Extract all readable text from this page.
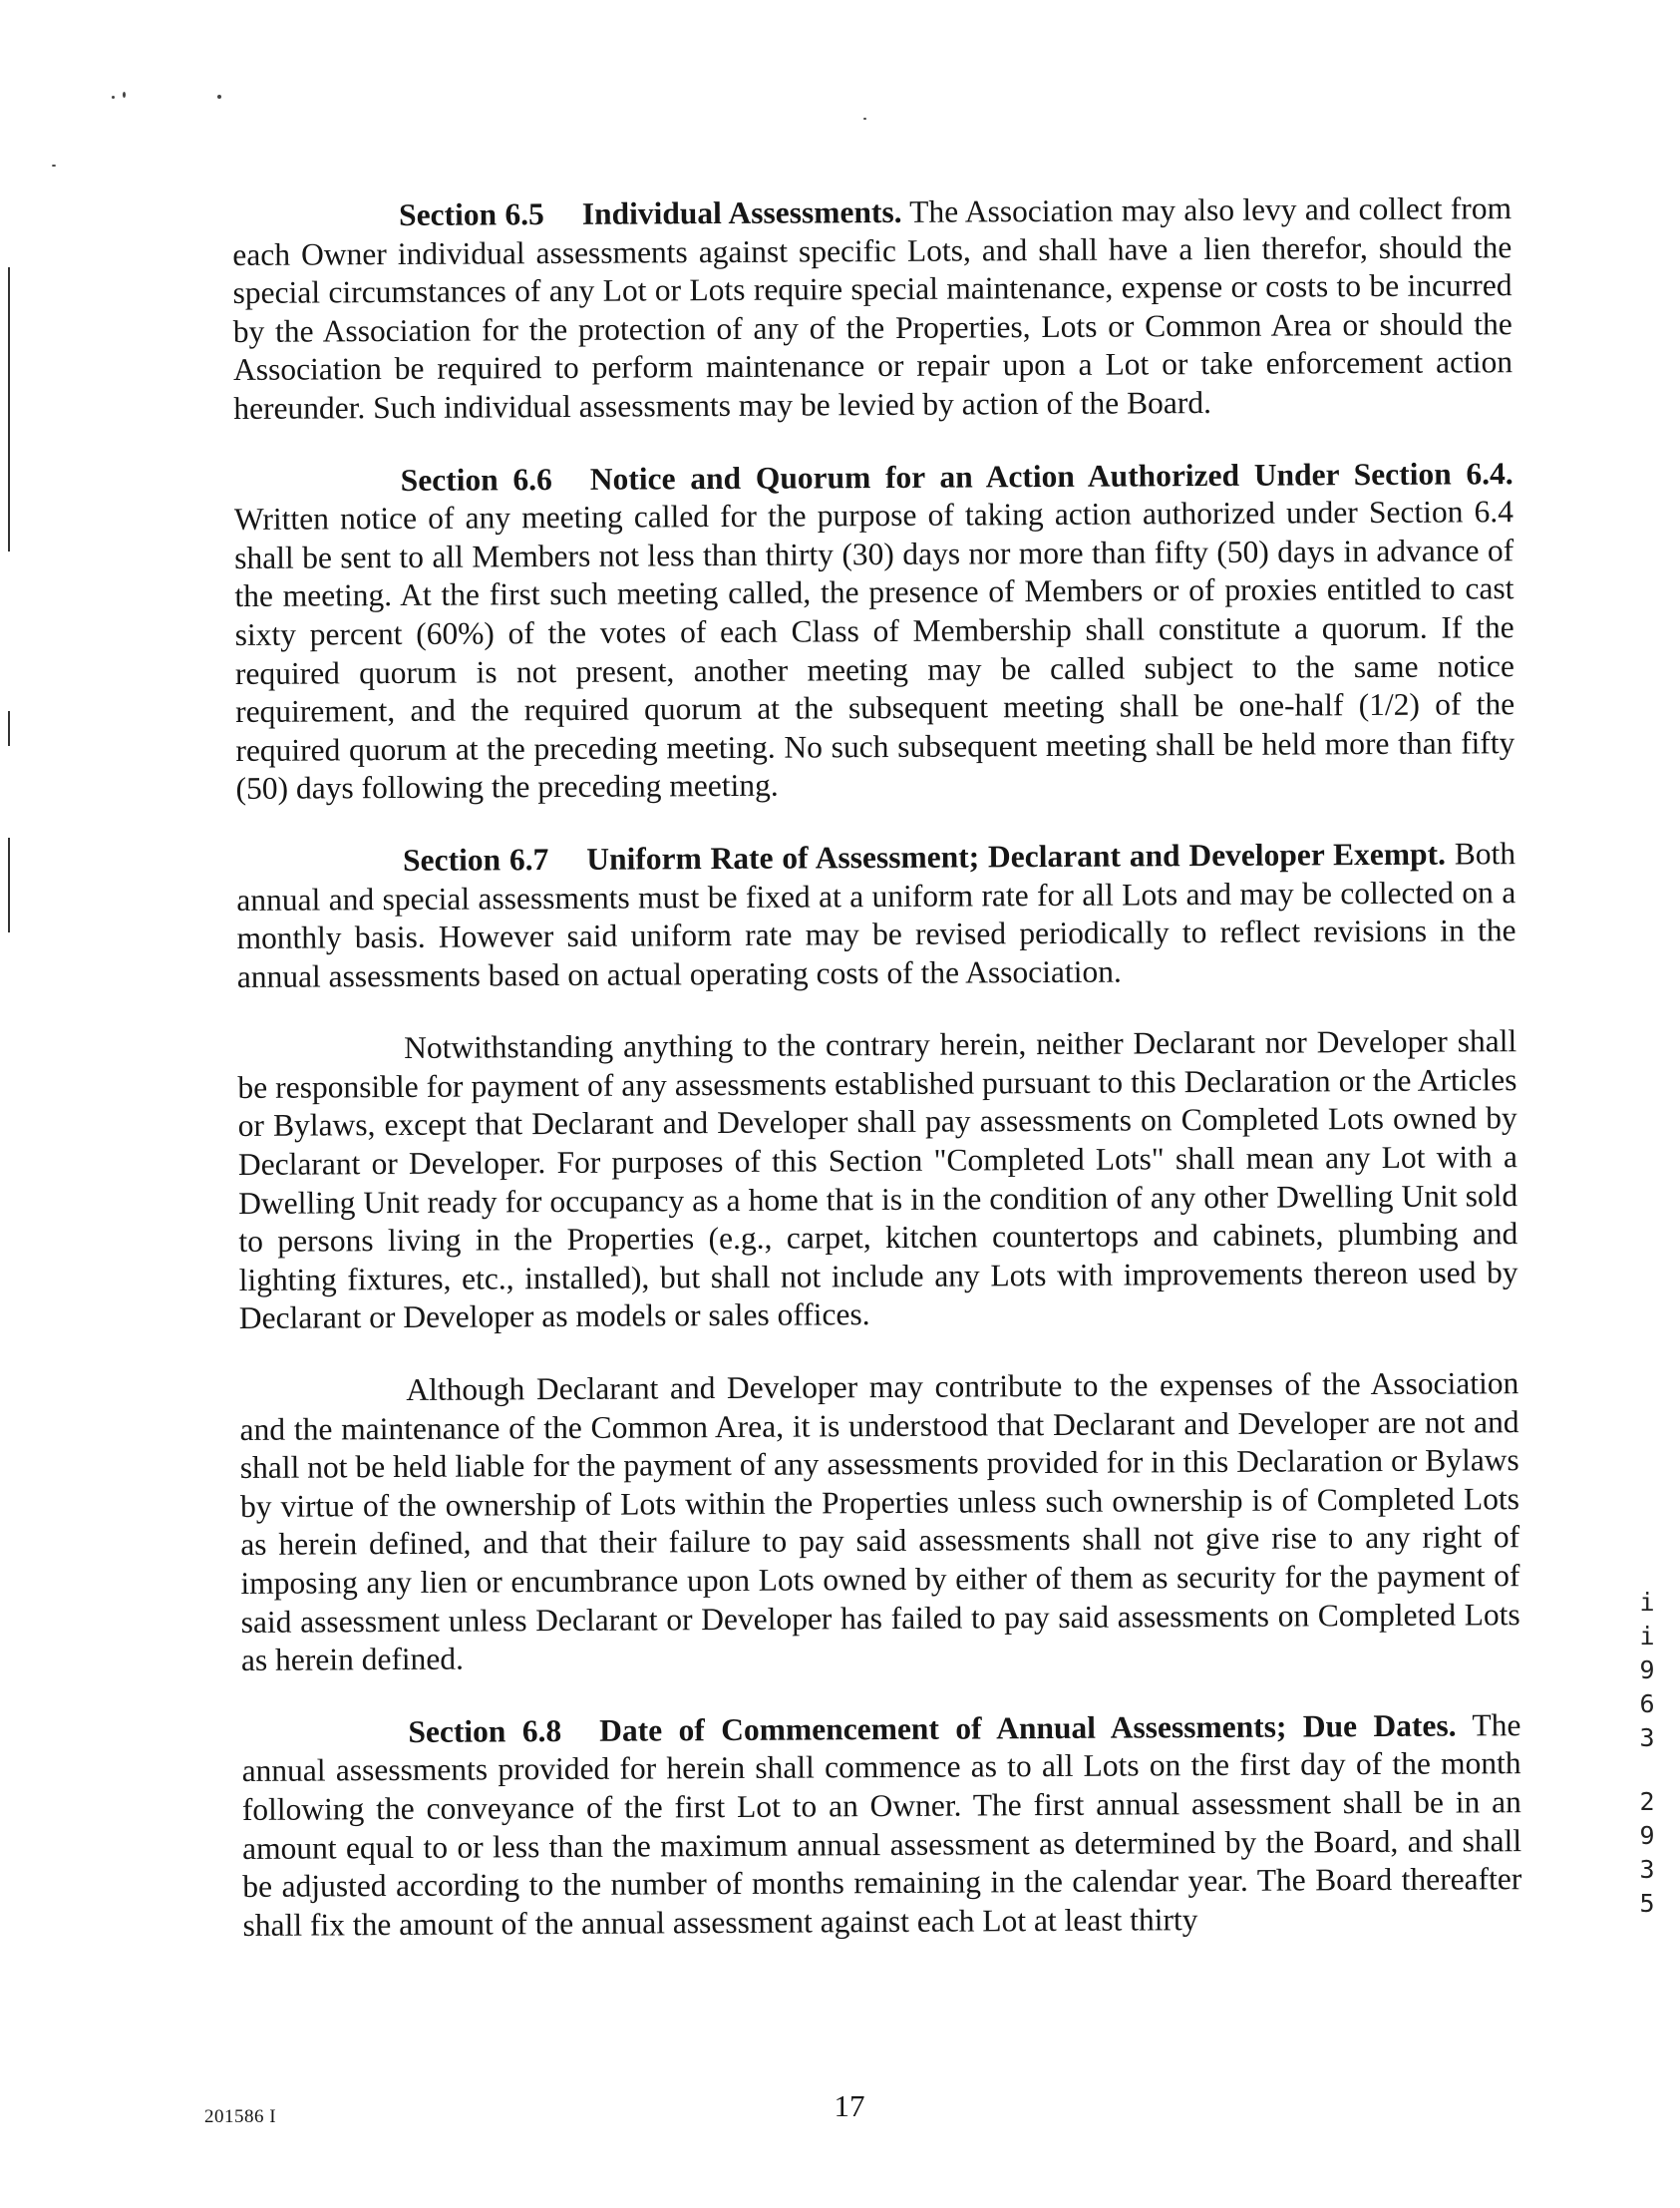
Section 6.5 Individual Assessments. The Association may also levy and collect from each Owner individual assessments against specific Lots, and shall have a lien therefor, should the special circumstances of any Lot or Lots require special maintenance, expense or costs to be incurred by the Association for the protection of any of the Properties, Lots or Common Area or should the Association be required to perform maintenance or repair upon a Lot or take enforcement action hereunder. Such individual assessments may be levied by action of the Board.

Section 6.6 Notice and Quorum for an Action Authorized Under Section 6.4. Written notice of any meeting called for the purpose of taking action authorized under Section 6.4 shall be sent to all Members not less than thirty (30) days nor more than fifty (50) days in advance of the meeting. At the first such meeting called, the presence of Members or of proxies entitled to cast sixty percent (60%) of the votes of each Class of Membership shall constitute a quorum. If the required quorum is not present, another meeting may be called subject to the same notice requirement, and the required quorum at the subsequent meeting shall be one-half (1/2) of the required quorum at the preceding meeting. No such subsequent meeting shall be held more than fifty (50) days following the preceding meeting.

Section 6.7 Uniform Rate of Assessment; Declarant and Developer Exempt. Both annual and special assessments must be fixed at a uniform rate for all Lots and may be collected on a monthly basis. However said uniform rate may be revised periodically to reflect revisions in the annual assessments based on actual operating costs of the Association.

Notwithstanding anything to the contrary herein, neither Declarant nor Developer shall be responsible for payment of any assessments established pursuant to this Declaration or the Articles or Bylaws, except that Declarant and Developer shall pay assessments on Completed Lots owned by Declarant or Developer. For purposes of this Section "Completed Lots" shall mean any Lot with a Dwelling Unit ready for occupancy as a home that is in the condition of any other Dwelling Unit sold to persons living in the Properties (e.g., carpet, kitchen countertops and cabinets, plumbing and lighting fixtures, etc., installed), but shall not include any Lots with improvements thereon used by Declarant or Developer as models or sales offices.

Although Declarant and Developer may contribute to the expenses of the Association and the maintenance of the Common Area, it is understood that Declarant and Developer are not and shall not be held liable for the payment of any assessments provided for in this Declaration or Bylaws by virtue of the ownership of Lots within the Properties unless such ownership is of Completed Lots as herein defined, and that their failure to pay said assessments shall not give rise to any right of imposing any lien or encumbrance upon Lots owned by either of them as security for the payment of said assessment unless Declarant or Developer has failed to pay said assessments on Completed Lots as herein defined.

Section 6.8 Date of Commencement of Annual Assessments; Due Dates. The annual assessments provided for herein shall commence as to all Lots on the first day of the month following the conveyance of the first Lot to an Owner. The first annual assessment shall be in an amount equal to or less than the maximum annual assessment as determined by the Board, and shall be adjusted according to the number of months remaining in the calendar year. The Board thereafter shall fix the amount of the annual assessment against each Lot at least thirty

i
i
9
6
3
2
9
3
5
201586 I	17
